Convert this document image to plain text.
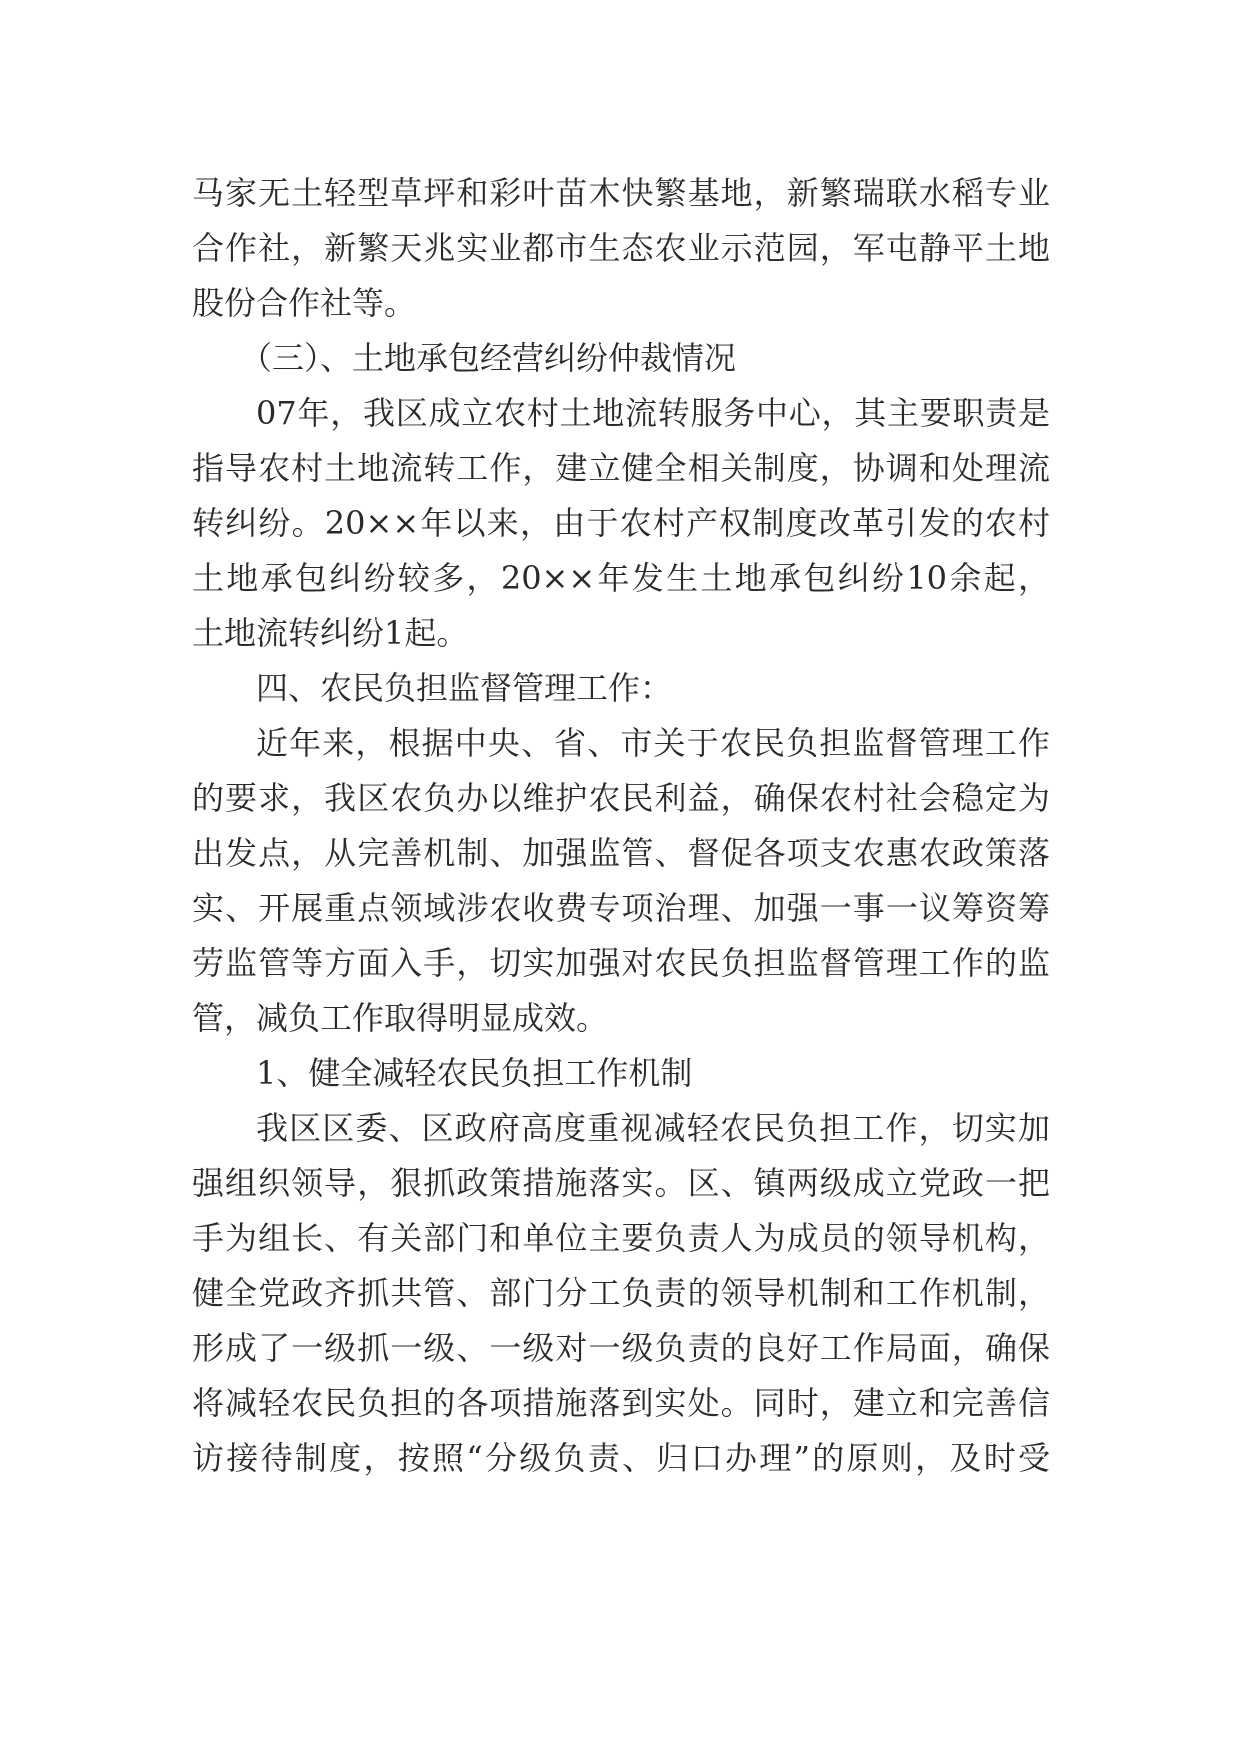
马家无土轻型草坪和彩叶苗木快繁基地，新繁瑞联水稻专业
合作社，新繁天兆实业都市生态农业示范园，军屯静平土地
股份合作社等。
（三）、土地承包经营纠纷仲裁情况
07年，我区成立农村土地流转服务中心，其主要职责是
指导农村土地流转工作，建立健全相关制度，协调和处理流
转纠纷。20××年以来，由于农村产权制度改革引发的农村
土地承包纠纷较多，20××年发生土地承包纠纷10余起，
土地流转纠纷1起。
四、农民负担监督管理工作：
近年来，根据中央、省、市关于农民负担监督管理工作
的要求，我区农负办以维护农民利益，确保农村社会稳定为
出发点，从完善机制、加强监管、督促各项支农惠农政策落
实、开展重点领域涉农收费专项治理、加强一事一议筹资筹
劳监管等方面入手，切实加强对农民负担监督管理工作的监
管，减负工作取得明显成效。
1、健全减轻农民负担工作机制
我区区委、区政府高度重视减轻农民负担工作，切实加
强组织领导，狠抓政策措施落实。区、镇两级成立党政一把
手为组长、有关部门和单位主要负责人为成员的领导机构，
健全党政齐抓共管、部门分工负责的领导机制和工作机制，
形成了一级抓一级、一级对一级负责的良好工作局面，确保
将减轻农民负担的各项措施落到实处。同时，建立和完善信
访接待制度，按照“分级负责、归口办理”的原则，及时受
